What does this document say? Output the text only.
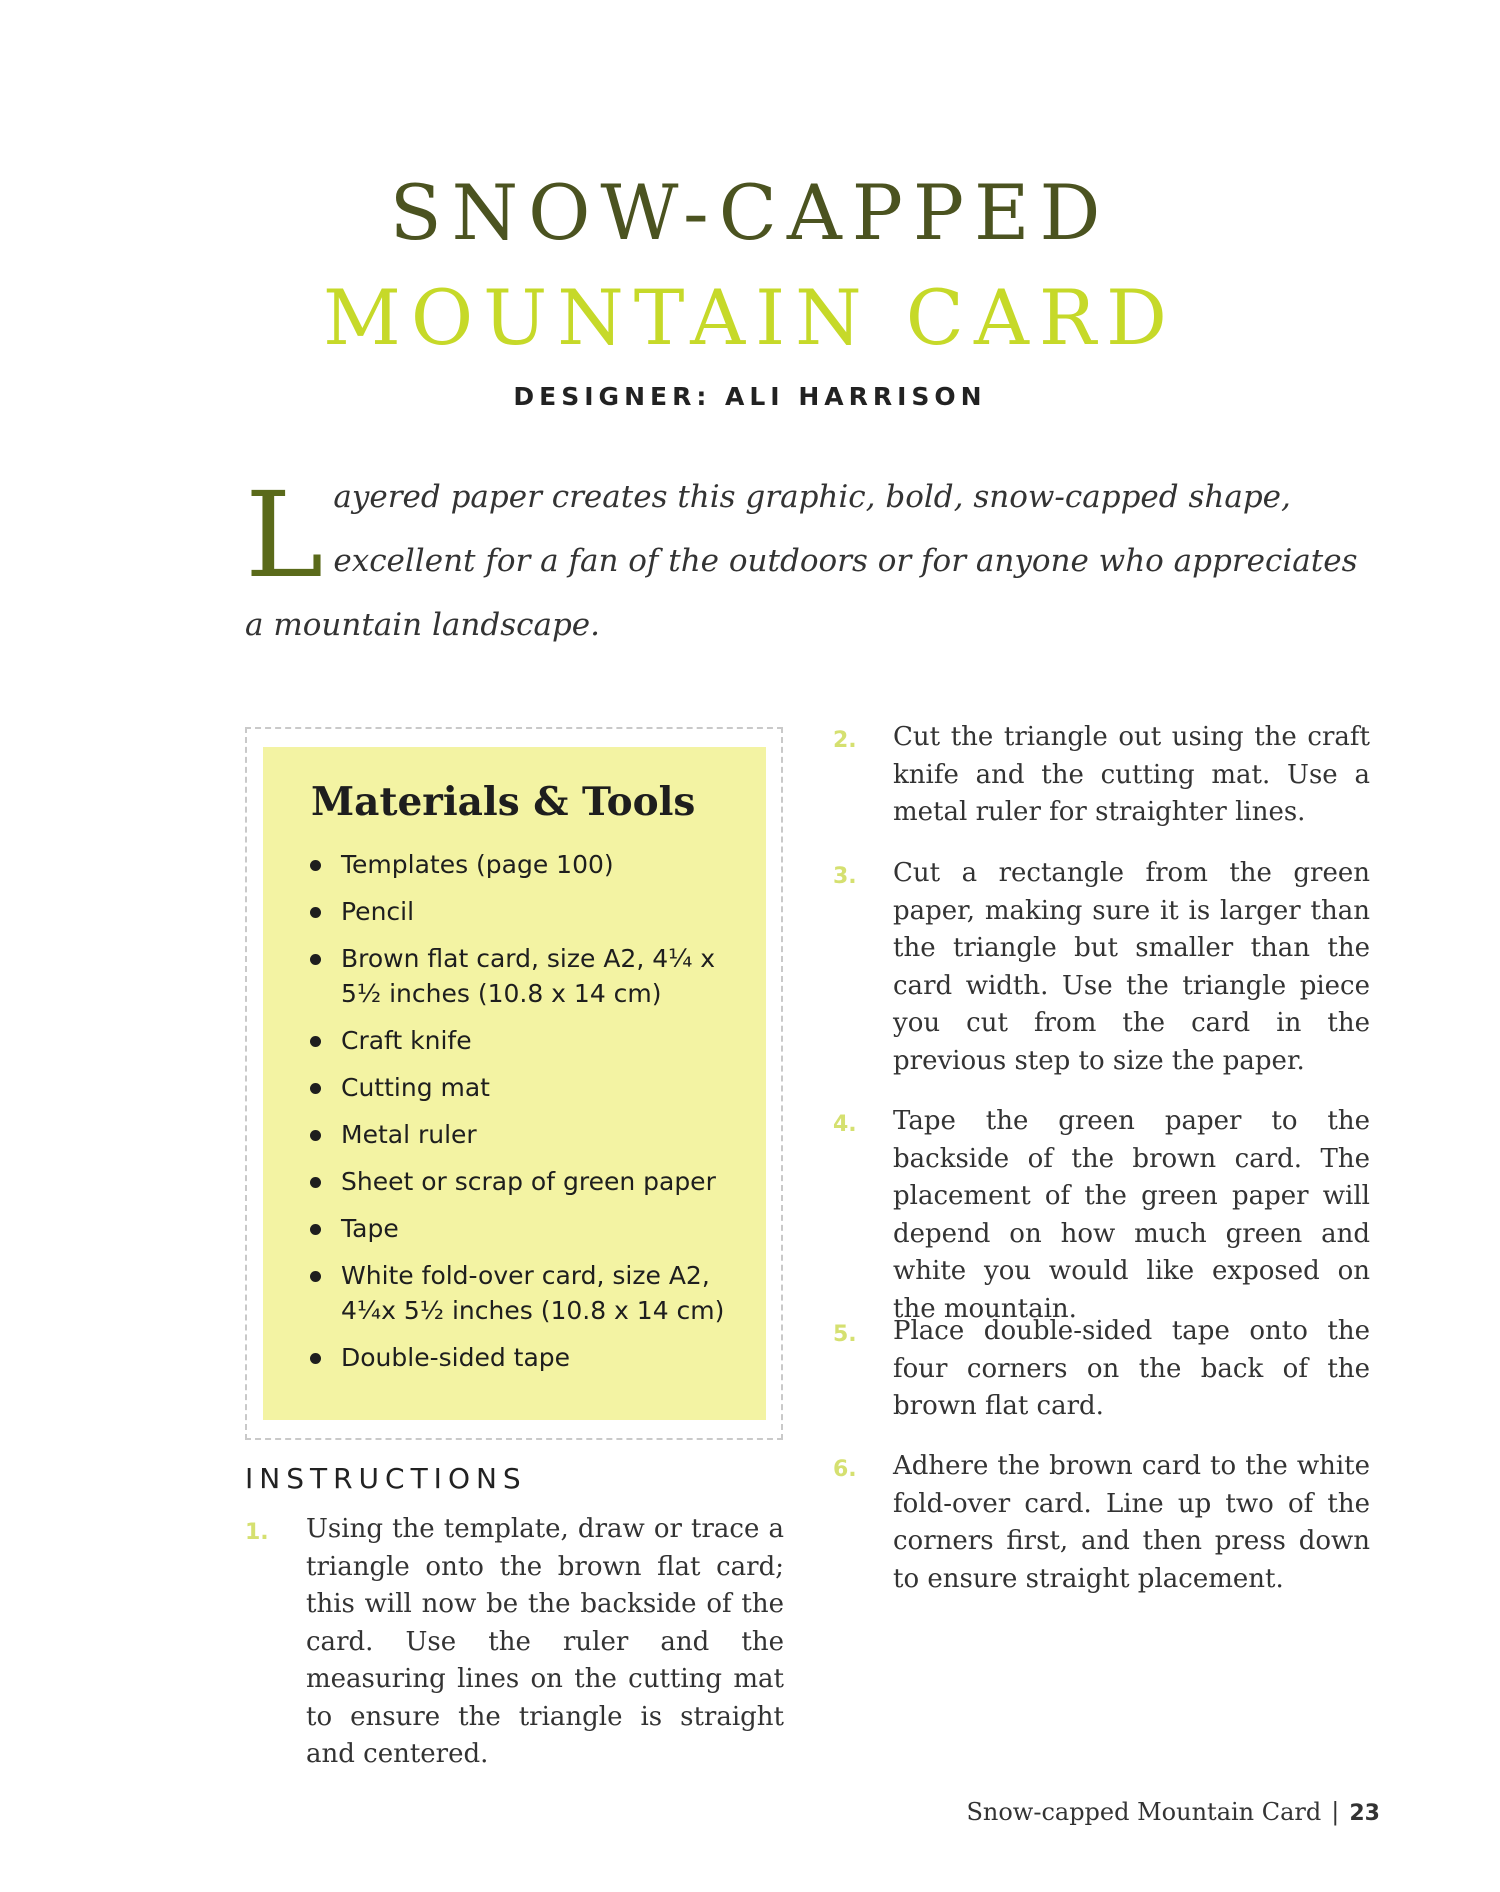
SNOW-CAPPED
MOUNTAIN CARD
DESIGNER: ALI HARRISON
L ayered paper creates this graphic, bold, snow-capped shape, excellent for a fan of the outdoors or for anyone who appreciates a mountain landscape.
Materials & Tools
Templates (page 100)
Pencil
Brown flat card, size A2, 4¼ x 5½ inches (10.8 x 14 cm)
Craft knife
Cutting mat
Metal ruler
Sheet or scrap of green paper
Tape
White fold-over card, size A2, 4¼x 5½ inches (10.8 x 14 cm)
Double-sided tape
INSTRUCTIONS
1. Using the template, draw or trace a triangle onto the brown flat card; this will now be the backside of the card. Use the ruler and the measuring lines on the cutting mat to ensure the triangle is straight and centered.
2. Cut the triangle out using the craft knife and the cutting mat. Use a metal ruler for straighter lines.
3. Cut a rectangle from the green paper, making sure it is larger than the triangle but smaller than the card width. Use the triangle piece you cut from the card in the previous step to size the paper.
4. Tape the green paper to the backside of the brown card. The placement of the green paper will depend on how much green and white you would like exposed on the mountain.
5. Place double-sided tape onto the four corners on the back of the brown flat card.
6. Adhere the brown card to the white fold-over card. Line up two of the corners first, and then press down to ensure straight placement.
Snow-capped Mountain Card | 23
